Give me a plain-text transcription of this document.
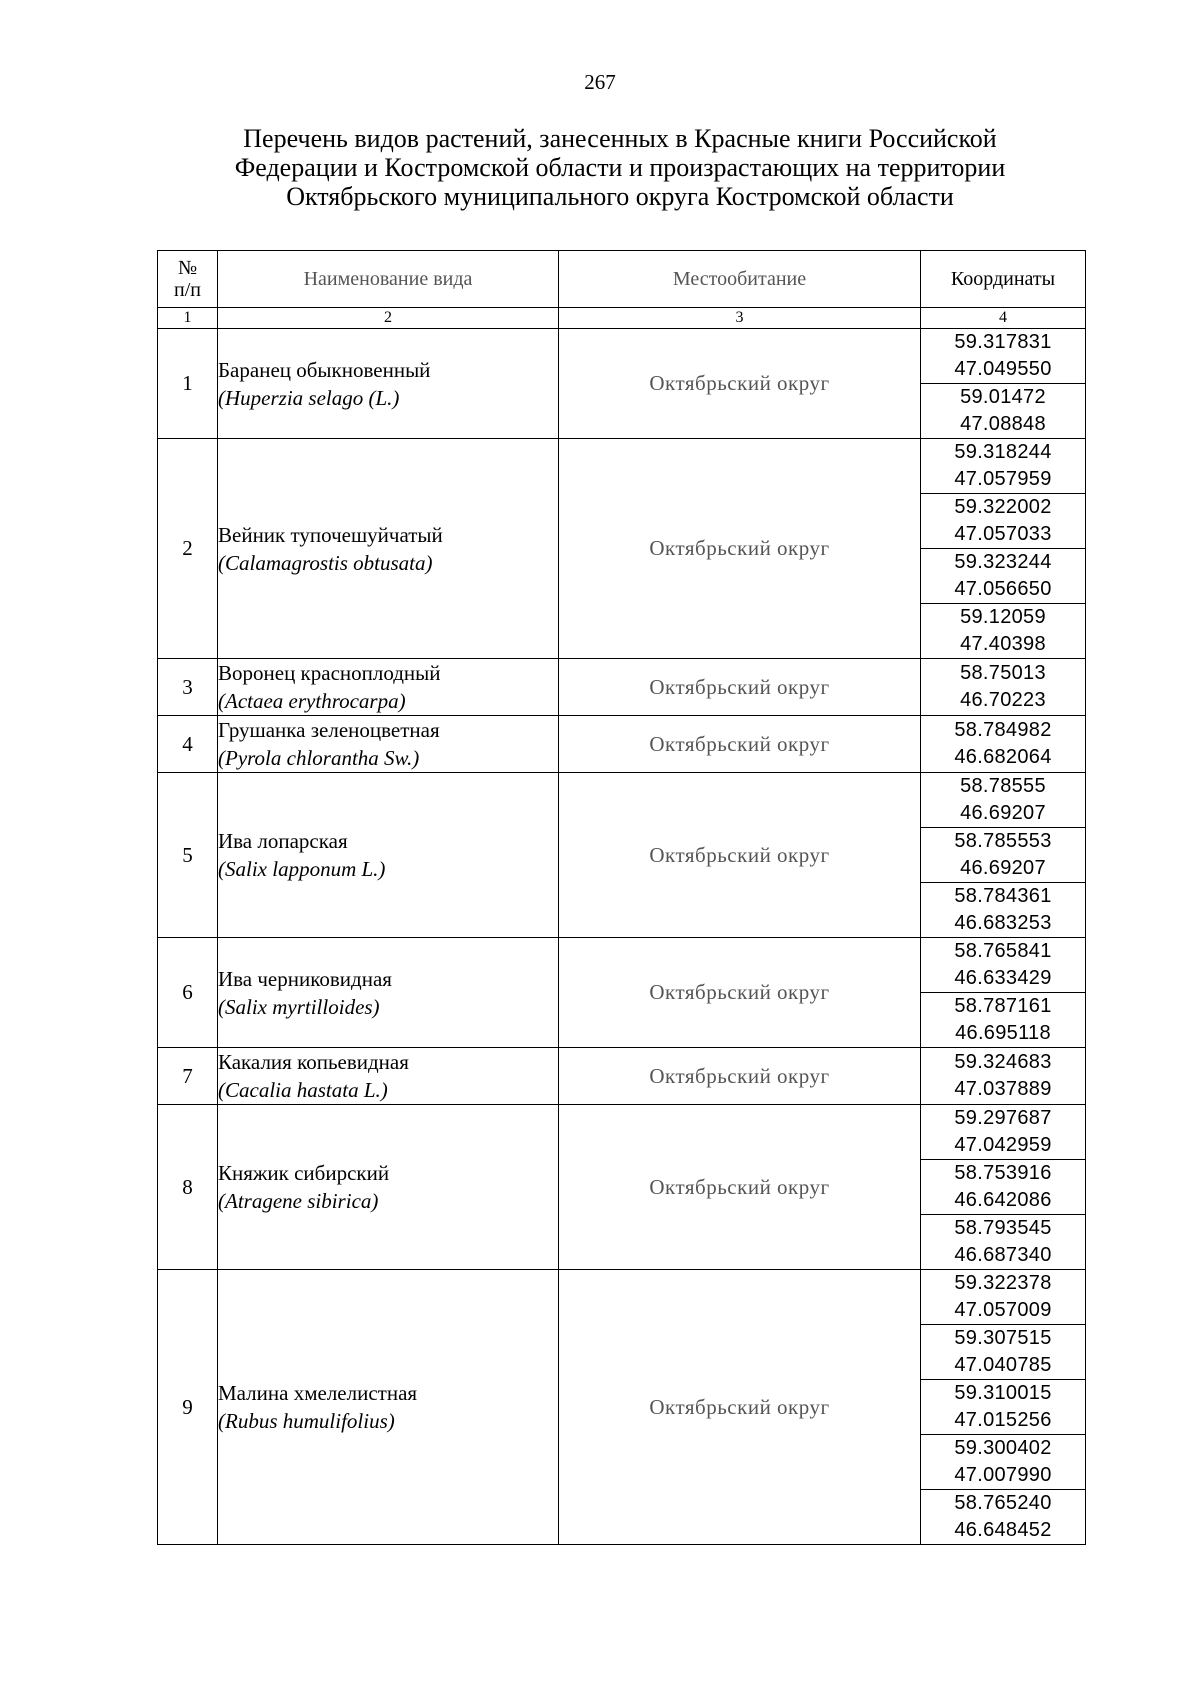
267
Перечень видов растений, занесенных в Красные книги Российской
Федерации и Костромской области и произрастающих на территории
Октябрьского муниципального округа Костромской области
№
п/п	Наименование вида	Местообитание	Координаты
1	2	3	4
1	Баранец обыкновенный
(Huperzia selago (L.)	Октябрьский округ	59.317831
47.049550

			59.01472
47.08848

2	Вейник тупочешуйчатый
(Calamagrostis obtusata)	Октябрьский округ	59.318244
47.057959

			59.322002
47.057033

			59.323244
47.056650

			59.12059
47.40398

3	Воронец красноплодный
(Actaea erythrocarpa)	Октябрьский округ	58.75013
46.70223

4	Грушанка зеленоцветная
(Pyrola chlorantha Sw.)	Октябрьский округ	58.784982
46.682064

5	Ива лопарская
(Salix lapponum L.)	Октябрьский округ	58.78555
46.69207

			58.785553
46.69207

			58.784361
46.683253

6	Ива черниковидная
(Salix myrtilloides)	Октябрьский округ	58.765841
46.633429

			58.787161
46.695118

7	Какалия копьевидная
(Cacalia hastata L.)	Октябрьский округ	59.324683
47.037889

8	Княжик сибирский
(Atragene sibirica)	Октябрьский округ	59.297687
47.042959

			58.753916
46.642086

			58.793545
46.687340

9	Малина хмелелистная
(Rubus humulifolius)	Октябрьский округ	59.322378
47.057009

			59.307515
47.040785

			59.310015
47.015256

			59.300402
47.007990

			58.765240
46.648452
